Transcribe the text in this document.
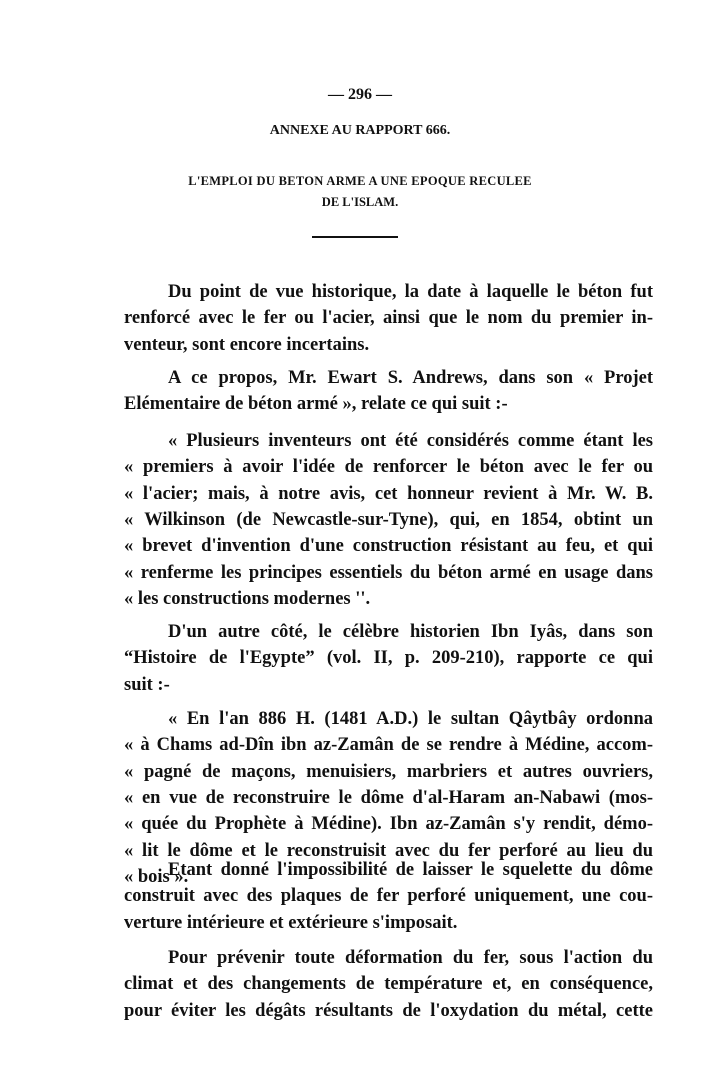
— 296 —
ANNEXE AU RAPPORT 666.
L'EMPLOI DU BETON ARME A UNE EPOQUE RECULEE
DE L'ISLAM.
Du point de vue historique, la date à laquelle le béton fut
renforcé avec le fer ou l'acier, ainsi que le nom du premier in-
venteur, sont encore incertains.
A ce propos, Mr. Ewart S. Andrews, dans son « Projet
Elémentaire de béton armé », relate ce qui suit :-
« Plusieurs inventeurs ont été considérés comme étant les
« premiers à avoir l'idée de renforcer le béton avec le fer ou
« l'acier; mais, à notre avis, cet honneur revient à Mr. W. B.
« Wilkinson (de Newcastle-sur-Tyne), qui, en 1854, obtint un
« brevet d'invention d'une construction résistant au feu, et qui
« renferme les principes essentiels du béton armé en usage dans
« les constructions modernes ''.
D'un autre côté, le célèbre historien Ibn Iyâs, dans son
“Histoire de l'Egypte” (vol. II, p. 209-210), rapporte ce qui
suit :-
« En l'an 886 H. (1481 A.D.) le sultan Qâytbây ordonna
« à Chams ad-Dîn ibn az-Zamân de se rendre à Médine, accom-
« pagné de maçons, menuisiers, marbriers et autres ouvriers,
« en vue de reconstruire le dôme d'al-Haram an-Nabawi (mos-
« quée du Prophète à Médine). Ibn az-Zamân s'y rendit, démo-
« lit le dôme et le reconstruisit avec du fer perforé au lieu du
« bois ».
Etant donné l'impossibilité de laisser le squelette du dôme
construit avec des plaques de fer perforé uniquement, une cou-
verture intérieure et extérieure s'imposait.
Pour prévenir toute déformation du fer, sous l'action du
climat et des changements de température et, en conséquence,
pour éviter les dégâts résultants de l'oxydation du métal, cette
